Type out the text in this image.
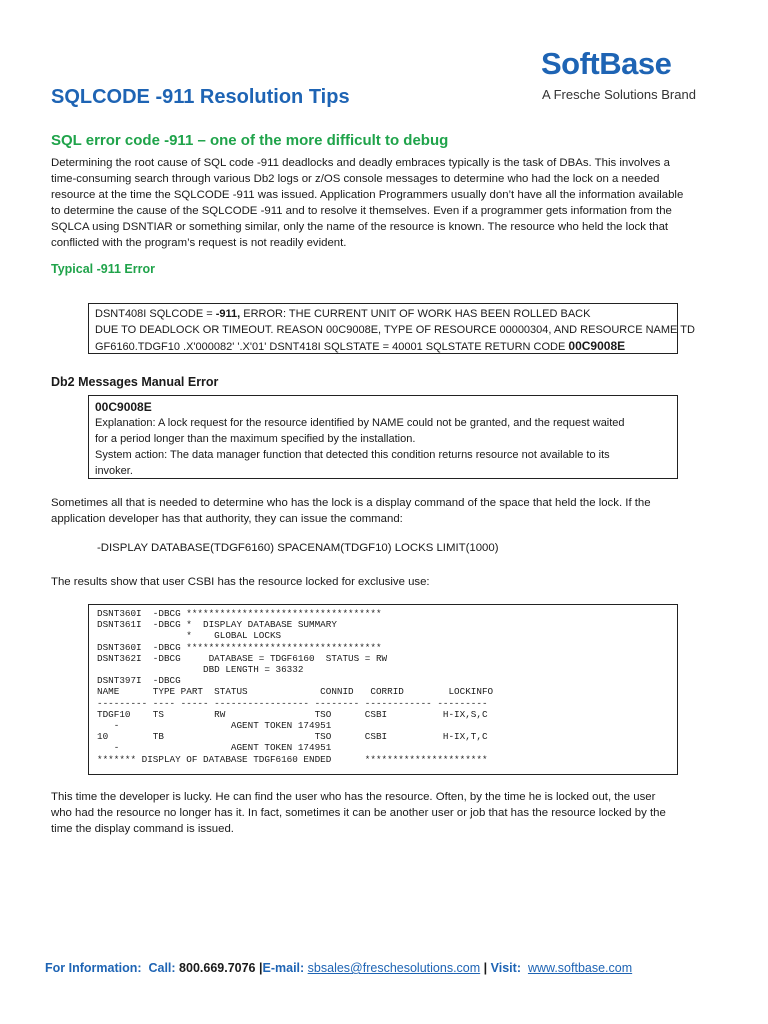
SoftBase
A Fresche Solutions Brand
SQLCODE -911 Resolution Tips
SQL error code -911 – one of the more difficult to debug
Determining the root cause of SQL code -911 deadlocks and deadly embraces typically is the task of DBAs. This involves a
time-consuming search through various Db2 logs or z/OS console messages to determine who had the lock on a needed
resource at the time the SQLCODE -911 was issued. Application Programmers usually don’t have all the information available
to determine the cause of the SQLCODE -911 and to resolve it themselves. Even if a programmer gets information from the
SQLCA using DSNTIAR or something similar, only the name of the resource is known. The resource who held the lock that
conflicted with the program’s request is not readily evident.
Typical -911 Error
DSNT408I SQLCODE = -911, ERROR: THE CURRENT UNIT OF WORK HAS BEEN ROLLED BACK
DUE TO DEADLOCK OR TIMEOUT. REASON 00C9008E, TYPE OF RESOURCE 00000304, AND RESOURCE NAME TD
GF6160.TDGF10 .X'000082' '.X'01' DSNT418I SQLSTATE = 40001 SQLSTATE RETURN CODE 00C9008E
Db2 Messages Manual Error
00C9008E
Explanation: A lock request for the resource identified by NAME could not be granted, and the request waited
for a period longer than the maximum specified by the installation.
System action: The data manager function that detected this condition returns resource not available to its
invoker.
Sometimes all that is needed to determine who has the lock is a display command of the space that held the lock. If the
application developer has that authority, they can issue the command:
-DISPLAY DATABASE(TDGF6160) SPACENAM(TDGF10) LOCKS LIMIT(1000)
The results show that user CSBI has the resource locked for exclusive use:
DSNT360I  -DBCG ***********************************
DSNT361I  -DBCG *  DISPLAY DATABASE SUMMARY
*    GLOBAL LOCKS
DSNT360I  -DBCG ***********************************
DSNT362I  -DBCG     DATABASE = TDGF6160  STATUS = RW
DBD LENGTH = 36332
DSNT397I  -DBCG
NAME      TYPE PART  STATUS             CONNID   CORRID        LOCKINFO
--------- ---- ----- ----------------- -------- ------------ ---------
TDGF10    TS         RW                TSO      CSBI          H-IX,S,C
-                    AGENT TOKEN 174951
10        TB                           TSO      CSBI          H-IX,T,C
-                    AGENT TOKEN 174951
******* DISPLAY OF DATABASE TDGF6160 ENDED      **********************
This time the developer is lucky. He can find the user who has the resource. Often, by the time he is locked out, the user
who had the resource no longer has it. In fact, sometimes it can be another user or job that has the resource locked by the
time the display command is issued.
For Information: Call: 800.669.7076 |E-mail: sbsales@freschesolutions.com | Visit: www.softbase.com
